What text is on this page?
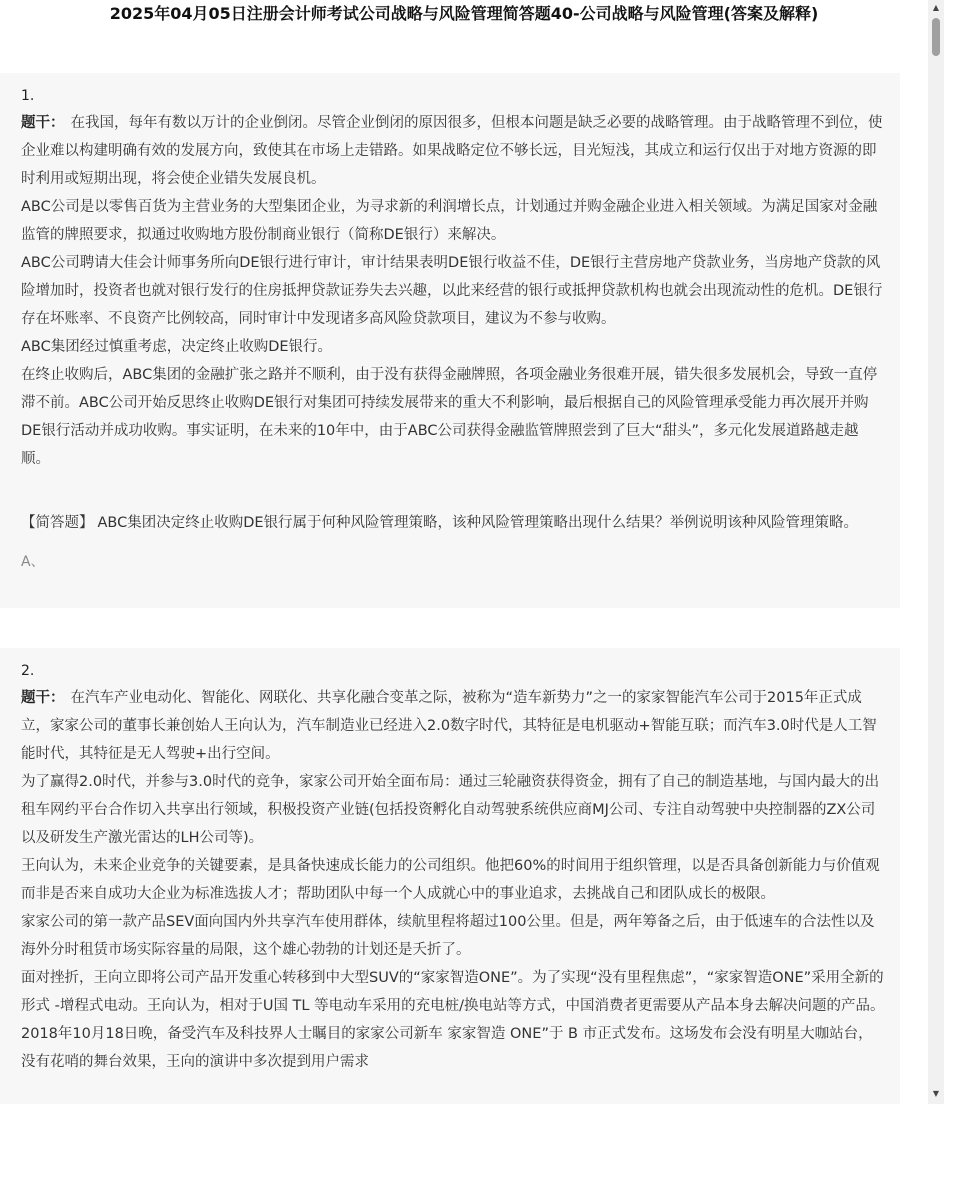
2025年04月05日注册会计师考试公司战略与风险管理简答题40-公司战略与风险管理(答案及解释)
1.

题干： 在我国，每年有数以万计的企业倒闭。尽管企业倒闭的原因很多，但根本问题是缺乏必要的战略管理。由于战略管理不到位，使企业难以构建明确有效的发展方向，致使其在市场上走错路。如果战略定位不够长远，目光短浅，其成立和运行仅出于对地方资源的即时利用或短期出现，将会使企业错失发展良机。

ABC公司是以零售百货为主营业务的大型集团企业，为寻求新的利润增长点，计划通过并购金融企业进入相关领域。为满足国家对金融监管的牌照要求，拟通过收购地方股份制商业银行（简称DE银行）来解决。

ABC公司聘请大佳会计师事务所向DE银行进行审计，审计结果表明DE银行收益不佳，DE银行主营房地产贷款业务，当房地产贷款的风险增加时，投资者也就对银行发行的住房抵押贷款证券失去兴趣，以此来经营的银行或抵押贷款机构也就会出现流动性的危机。DE银行存在坏账率、不良资产比例较高，同时审计中发现诸多高风险贷款项目，建议为不参与收购。

ABC集团经过慎重考虑，决定终止收购DE银行。

在终止收购后，ABC集团的金融扩张之路并不顺利，由于没有获得金融牌照，各项金融业务很难开展，错失很多发展机会，导致一直停滞不前。ABC公司开始反思终止收购DE银行对集团可持续发展带来的重大不利影响，最后根据自己的风险管理承受能力再次展开并购DE银行活动并成功收购。事实证明，在未来的10年中，由于ABC公司获得金融监管牌照尝到了巨大“甜头”，多元化发展道路越走越顺。

【简答题】 ABC集团决定终止收购DE银行属于何种风险管理策略，该种风险管理策略出现什么结果？举例说明该种风险管理策略。
A、
2.

题干： 在汽车产业电动化、智能化、网联化、共享化融合变革之际，被称为“造车新势力”之一的家家智能汽车公司于2015年正式成立，家家公司的董事长兼创始人王向认为，汽车制造业已经进入2.0数字时代，其特征是电机驱动+智能互联；而汽车3.0时代是人工智能时代，其特征是无人驾驶+出行空间。

为了赢得2.0时代，并参与3.0时代的竞争，家家公司开始全面布局：通过三轮融资获得资金，拥有了自己的制造基地，与国内最大的出租车网约平台合作切入共享出行领域，积极投资产业链(包括投资孵化自动驾驶系统供应商MJ公司、专注自动驾驶中央控制器的ZX公司以及研发生产激光雷达的LH公司等)。

王向认为，未来企业竞争的关键要素，是具备快速成长能力的公司组织。他把60%的时间用于组织管理，以是否具备创新能力与价值观而非是否来自成功大企业为标准选拔人才；帮助团队中每一个人成就心中的事业追求，去挑战自己和团队成长的极限。

家家公司的第一款产品SEV面向国内外共享汽车使用群体，续航里程将超过100公里。但是，两年筹备之后，由于低速车的合法性以及海外分时租赁市场实际容量的局限，这个雄心勃勃的计划还是夭折了。

面对挫折，王向立即将公司产品开发重心转移到中大型SUV的“家家智造ONE”。为了实现“没有里程焦虑”，“家家智造ONE”采用全新的形式 -增程式电动。王向认为，相对于U国 TL 等电动车采用的充电桩/换电站等方式，中国消费者更需要从产品本身去解决问题的产品。

2018年10月18日晚，备受汽车及科技界人士瞩目的家家公司新车 家家智造 ONE”于 B 市正式发布。这场发布会没有明星大咖站台，没有花哨的舞台效果，王向的演讲中多次提到用户需求

▲
▼
